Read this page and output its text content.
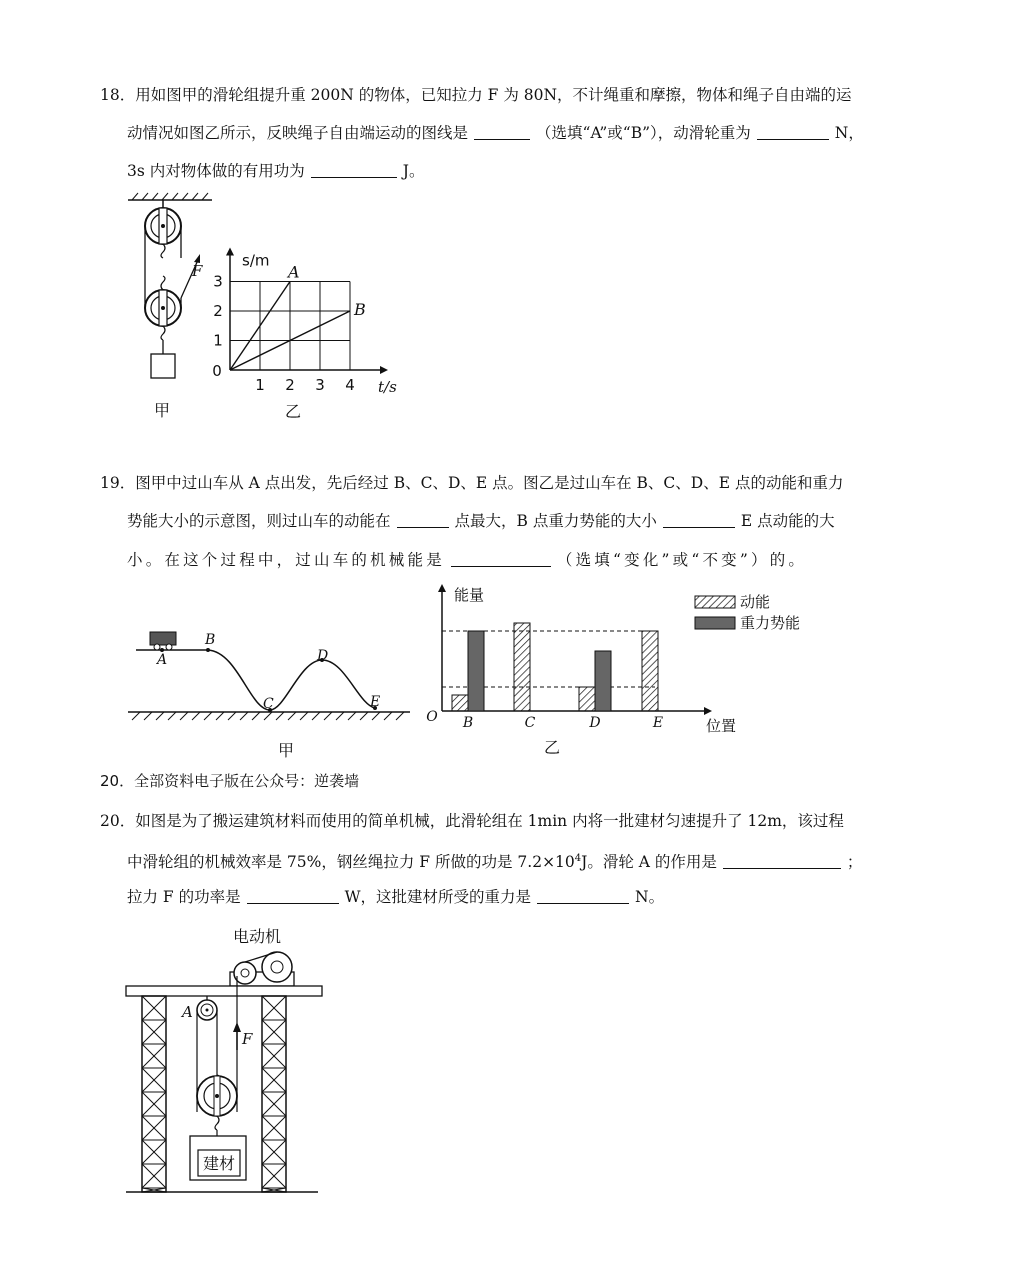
18．用如图甲的滑轮组提升重 200N 的物体，已知拉力 F 为 80N，不计绳重和摩擦，物体和绳子自由端的运
动情况如图乙所示，反映绳子自由端运动的图线是	（选填“A”或“B”），动滑轮重为	N，
3s 内对物体做的有用功为	J。
F
甲
1 2 3 4
1
2
3
0
s/m
t/s
A
B
乙
19．图甲中过山车从 A 点出发，先后经过 B、C、D、E 点。图乙是过山车在 B、C、D、E 点的动能和重力
势能大小的示意图，则过山车的动能在	点最大，B 点重力势能的大小	E 点动能的大
小。在这个过程中，过山车的机械能是	（选填“变化”或“不变”）的。
A
B
C
D
E
甲
O
能量
位置
B	C	D	E
动能
重力势能
乙
20．全部资料电子版在公众号：逆袭墙
20．如图是为了搬运建筑材料而使用的简单机械，此滑轮组在 1min 内将一批建材匀速提升了 12m，该过程
中滑轮组的机械效率是 75%，钢丝绳拉力 F 所做的功是 $7.2\times 10^4J$。滑轮 A 的作用是	；
拉力 F 的功率是	W，这批建材所受的重力是	N。
电动机
A
F
建材
